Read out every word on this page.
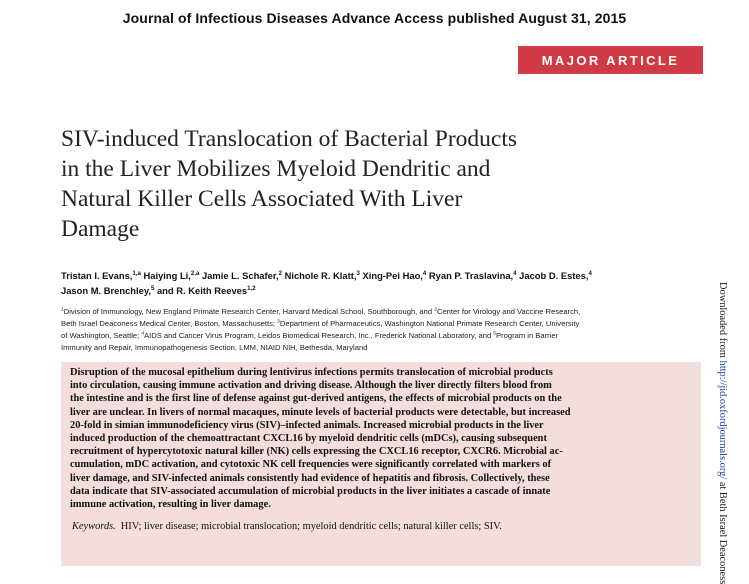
Journal of Infectious Diseases Advance Access published August 31, 2015
MAJOR ARTICLE
SIV-induced Translocation of Bacterial Products
in the Liver Mobilizes Myeloid Dendritic and
Natural Killer Cells Associated With Liver
Damage
Tristan I. Evans,$^{1,a}$ Haiying Li,$^{2,a}$ Jamie L. Schafer,$^2$ Nichole R. Klatt,$^3$ Xing-Pei Hao,$^4$ Ryan P. Traslavina,$^4$ Jacob D. Estes,$^4$
Jason M. Brenchley,$^5$ and R. Keith Reeves$^{1,2}$
$^1$Division of Immunology, New England Primate Research Center, Harvard Medical School, Southborough, and $^2$Center for Virology and Vaccine Research,
Beth Israel Deaconess Medical Center, Boston, Massachusetts; $^3$Department of Pharmaceutics, Washington National Primate Research Center, University
of Washington, Seattle; $^4$AIDS and Cancer Virus Program, Leidos Biomedical Research, Inc., Frederick National Laboratory, and $^5$Program in Barrier
Immunity and Repair, Immunopathogenesis Section, LMM, NIAID NIH, Bethesda, Maryland
Disruption of the mucosal epithelium during lentivirus infections permits translocation of microbial products
into circulation, causing immune activation and driving disease. Although the liver directly filters blood from
the intestine and is the first line of defense against gut-derived antigens, the effects of microbial products on the
liver are unclear. In livers of normal macaques, minute levels of bacterial products were detectable, but increased
20-fold in simian immunodeficiency virus (SIV)–infected animals. Increased microbial products in the liver
induced production of the chemoattractant CXCL16 by myeloid dendritic cells (mDCs), causing subsequent
recruitment of hypercytotoxic natural killer (NK) cells expressing the CXCL16 receptor, CXCR6. Microbial ac-
cumulation, mDC activation, and cytotoxic NK cell frequencies were significantly correlated with markers of
liver damage, and SIV-infected animals consistently had evidence of hepatitis and fibrosis. Collectively, these
data indicate that SIV-associated accumulation of microbial products in the liver initiates a cascade of innate
immune activation, resulting in liver damage.
Keywords. HIV; liver disease; microbial translocation; myeloid dendritic cells; natural killer cells; SIV.
Downloaded from http://jid.oxfordjournals.org/ at Beth Israel Deaconess
